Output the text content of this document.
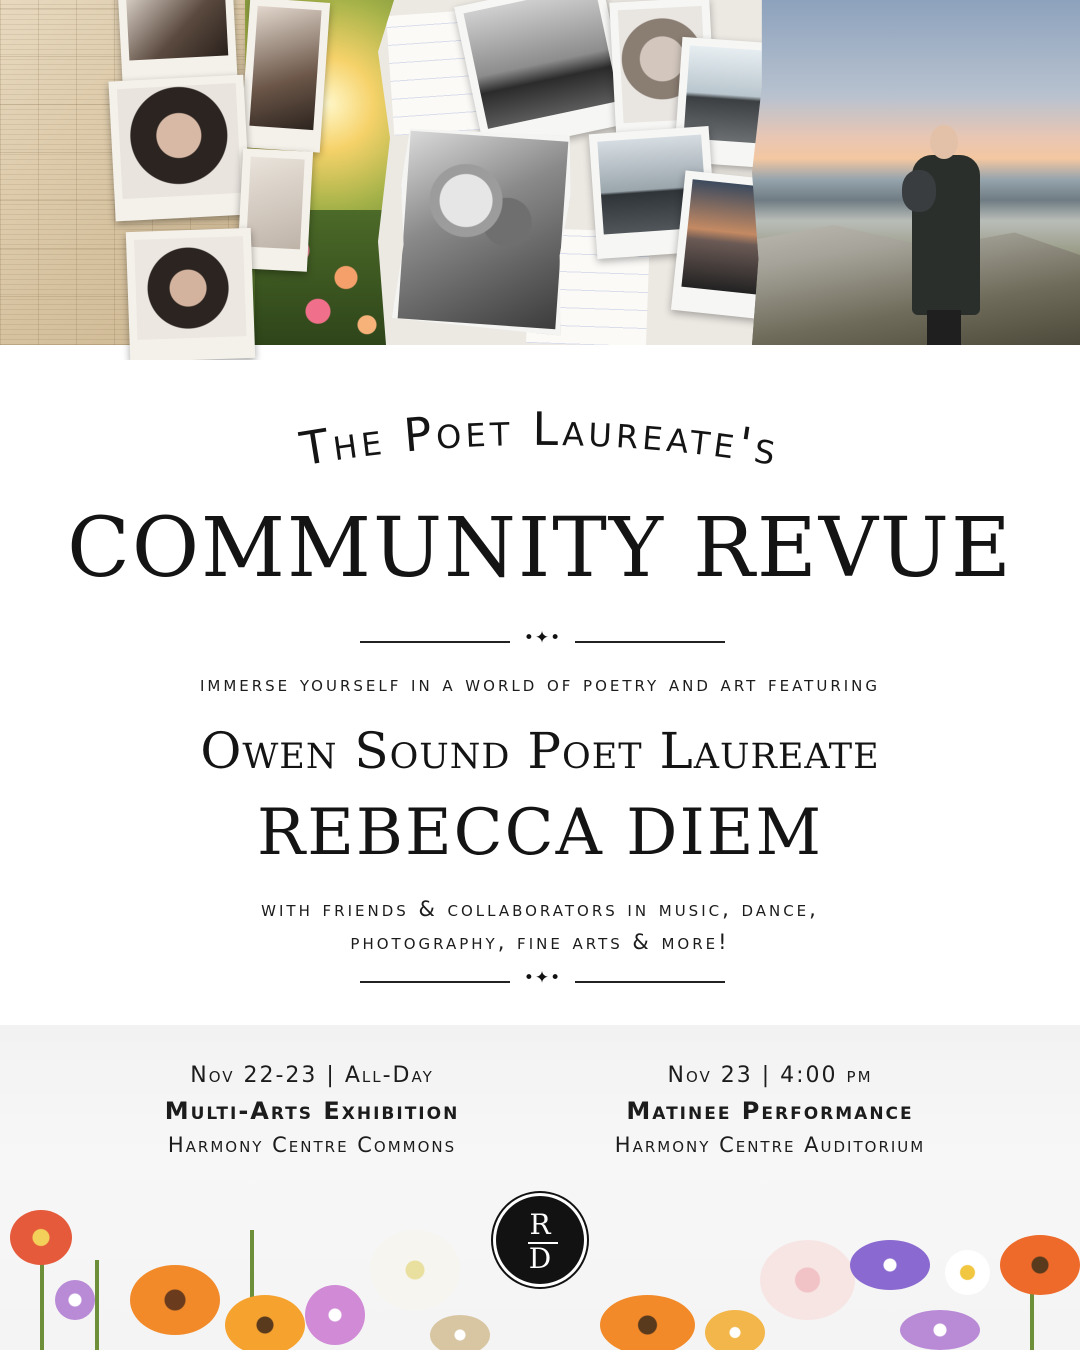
The Poet Laureate's
COMMUNITY REVUE
•✦•
immerse yourself in a world of poetry and art featuring
Owen Sound Poet Laureate
REBECCA DIEM
with friends & collaborators in music, dance,
photography, fine arts & more!
•✦•
Nov 22-23 | All-Day
Multi-Arts Exhibition
Harmony Centre Commons
Nov 23 | 4:00 pm
Matinee Performance
Harmony Centre Auditorium
R
D
